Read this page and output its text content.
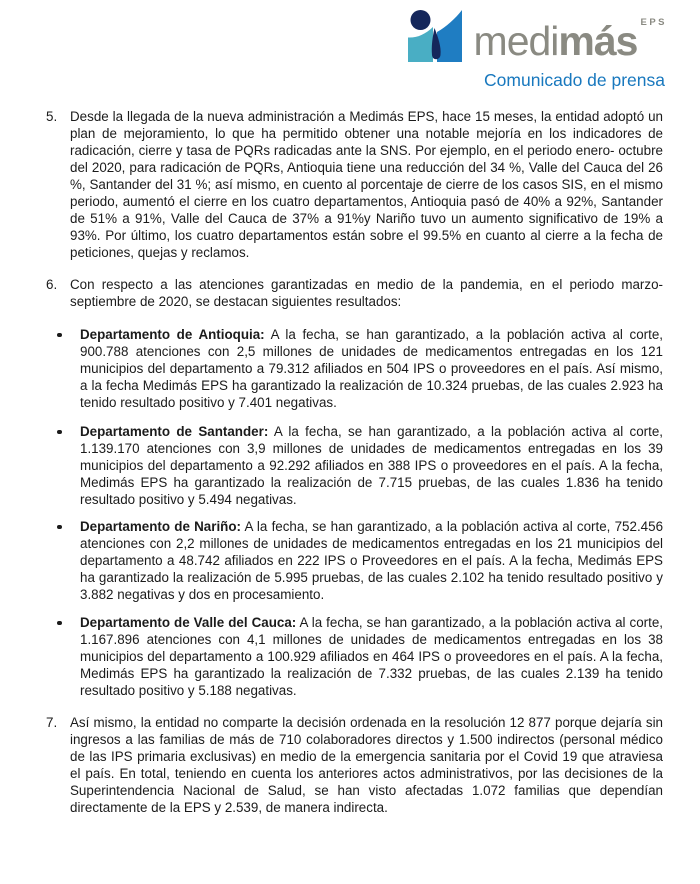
medimás $^{EPS}$
Comunicado de prensa
5. Desde la llegada de la nueva administración a Medimás EPS, hace 15 meses, la entidad adoptó un plan de mejoramiento, lo que ha permitido obtener una notable mejoría en los indicadores de radicación, cierre y tasa de PQRs radicadas ante la SNS. Por ejemplo, en el periodo enero- octubre del 2020, para radicación de PQRs, Antioquia tiene una reducción del 34 %, Valle del Cauca del 26 %, Santander del 31 %; así mismo, en cuento al porcentaje de cierre de los casos SIS, en el mismo periodo, aumentó el cierre en los cuatro departamentos, Antioquia pasó de 40% a 92%, Santander de 51% a 91%, Valle del Cauca de 37% a 91%y Nariño tuvo un aumento significativo de 19% a 93%. Por último, los cuatro departamentos están sobre el 99.5% en cuanto al cierre a la fecha de peticiones, quejas y reclamos.

6. Con respecto a las atenciones garantizadas en medio de la pandemia, en el periodo marzo-septiembre de 2020, se destacan siguientes resultados:

Departamento de Antioquia: A la fecha, se han garantizado, a la población activa al corte, 900.788 atenciones con 2,5 millones de unidades de medicamentos entregadas en los 121 municipios del departamento a 79.312 afiliados en 504 IPS o proveedores en el país. Así mismo, a la fecha Medimás EPS ha garantizado la realización de 10.324 pruebas, de las cuales 2.923 ha tenido resultado positivo y 7.401 negativas.

Departamento de Santander: A la fecha, se han garantizado, a la población activa al corte, 1.139.170 atenciones con 3,9 millones de unidades de medicamentos entregadas en los 39 municipios del departamento a 92.292 afiliados en 388 IPS o proveedores en el país. A la fecha, Medimás EPS ha garantizado la realización de 7.715 pruebas, de las cuales 1.836 ha tenido resultado positivo y 5.494 negativas.

Departamento de Nariño: A la fecha, se han garantizado, a la población activa al corte, 752.456 atenciones con 2,2 millones de unidades de medicamentos entregadas en los 21 municipios del departamento a 48.742 afiliados en 222 IPS o Proveedores en el país. A la fecha, Medimás EPS ha garantizado la realización de 5.995 pruebas, de las cuales 2.102 ha tenido resultado positivo y 3.882 negativas y dos en procesamiento.

Departamento de Valle del Cauca: A la fecha, se han garantizado, a la población activa al corte, 1.167.896 atenciones con 4,1 millones de unidades de medicamentos entregadas en los 38 municipios del departamento a 100.929 afiliados en 464 IPS o proveedores en el país. A la fecha, Medimás EPS ha garantizado la realización de 7.332 pruebas, de las cuales 2.139 ha tenido resultado positivo y 5.188 negativas.

7. Así mismo, la entidad no comparte la decisión ordenada en la resolución 12 877 porque dejaría sin ingresos a las familias de más de 710 colaboradores directos y 1.500 indirectos (personal médico de las IPS primaria exclusivas) en medio de la emergencia sanitaria por el Covid 19 que atraviesa el país. En total, teniendo en cuenta los anteriores actos administrativos, por las decisiones de la Superintendencia Nacional de Salud, se han visto afectadas 1.072 familias que dependían directamente de la EPS y 2.539, de manera indirecta.
